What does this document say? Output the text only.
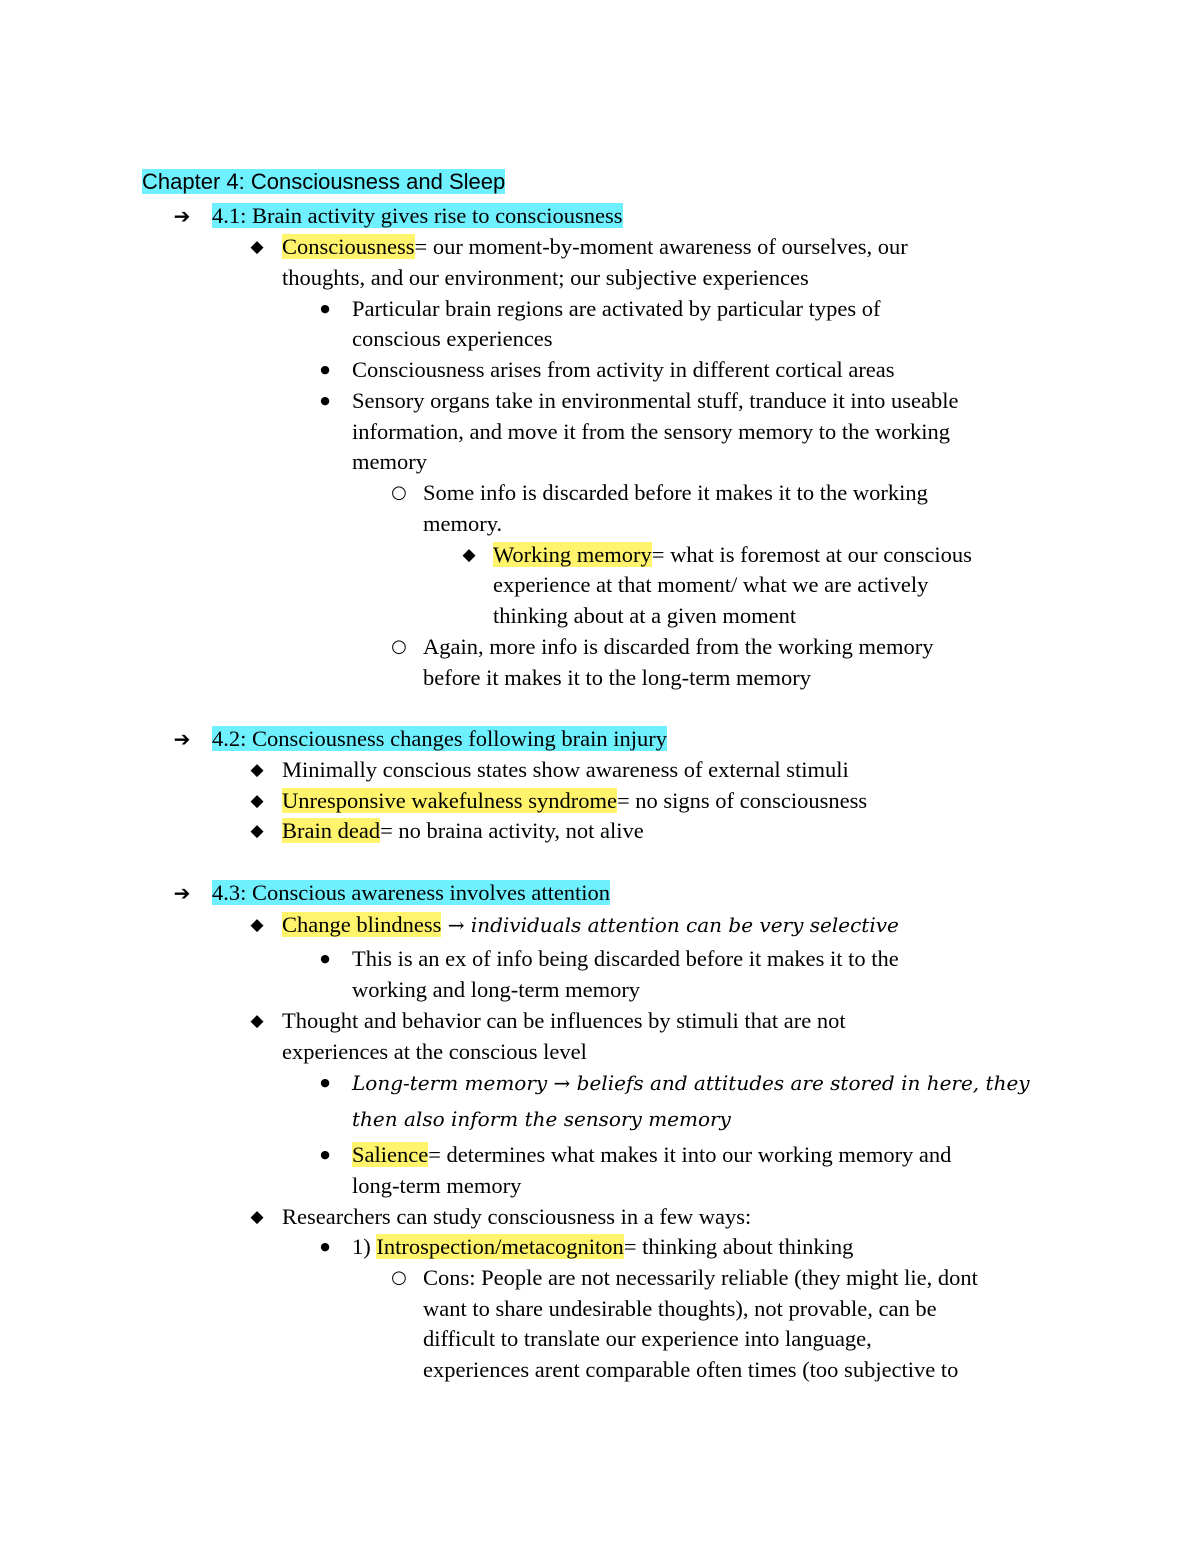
Chapter 4: Consciousness and Sleep
➔ 4.1: Brain activity gives rise to consciousness
◆ Consciousness= our moment-by-moment awareness of ourselves, our
thoughts, and our environment; our subjective experiences
● Particular brain regions are activated by particular types of
conscious experiences
● Consciousness arises from activity in different cortical areas
● Sensory organs take in environmental stuff, tranduce it into useable
information, and move it from the sensory memory to the working
memory
○ Some info is discarded before it makes it to the working
memory.
◆ Working memory= what is foremost at our conscious
experience at that moment/ what we are actively
thinking about at a given moment
○ Again, more info is discarded from the working memory
before it makes it to the long-term memory
➔ 4.2: Consciousness changes following brain injury
◆ Minimally conscious states show awareness of external stimuli
◆ Unresponsive wakefulness syndrome= no signs of consciousness
◆ Brain dead= no braina activity, not alive
➔ 4.3: Conscious awareness involves attention
◆ Change blindness → individuals attention can be very selective
● This is an ex of info being discarded before it makes it to the
working and long-term memory
◆ Thought and behavior can be influences by stimuli that are not
experiences at the conscious level
● Long-term memory → beliefs and attitudes are stored in here, they
then also inform the sensory memory
● Salience= determines what makes it into our working memory and
long-term memory
◆ Researchers can study consciousness in a few ways:
● 1) Introspection/metacogniton= thinking about thinking
○ Cons: People are not necessarily reliable (they might lie, dont
want to share undesirable thoughts), not provable, can be
difficult to translate our experience into language,
experiences arent comparable often times (too subjective to
